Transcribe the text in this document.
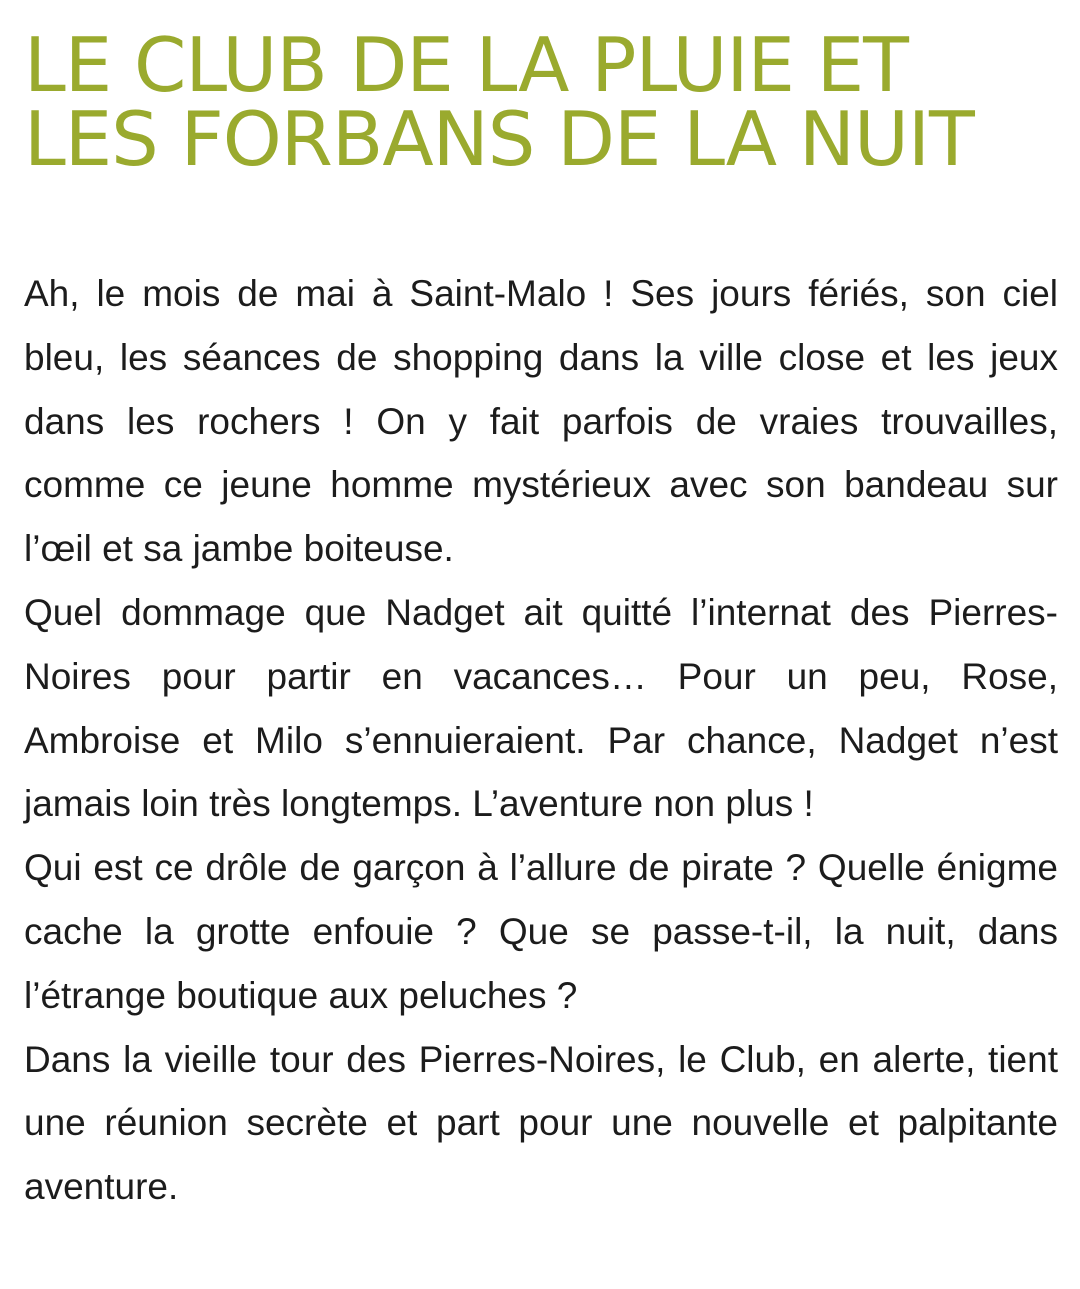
LE CLUB DE LA PLUIE ET
LES FORBANS DE LA NUIT

Ah, le mois de mai à Saint-Malo ! Ses jours fériés, son ciel bleu, les séances de shopping dans la ville close et les jeux dans les rochers ! On y fait parfois de vraies trouvailles, comme ce jeune homme mystérieux avec son bandeau sur l’œil et sa jambe boiteuse.

Quel dommage que Nadget ait quitté l’internat des Pierres-Noires pour partir en vacances… Pour un peu, Rose, Ambroise et Milo s’ennuieraient. Par chance, Nadget n’est jamais loin très longtemps. L’aventure non plus !

Qui est ce drôle de garçon à l’allure de pirate ? Quelle énigme cache la grotte enfouie ? Que se passe-t-il, la nuit, dans l’étrange boutique aux peluches ?

Dans la vieille tour des Pierres-Noires, le Club, en alerte, tient une réunion secrète et part pour une nouvelle et palpitante aventure.
